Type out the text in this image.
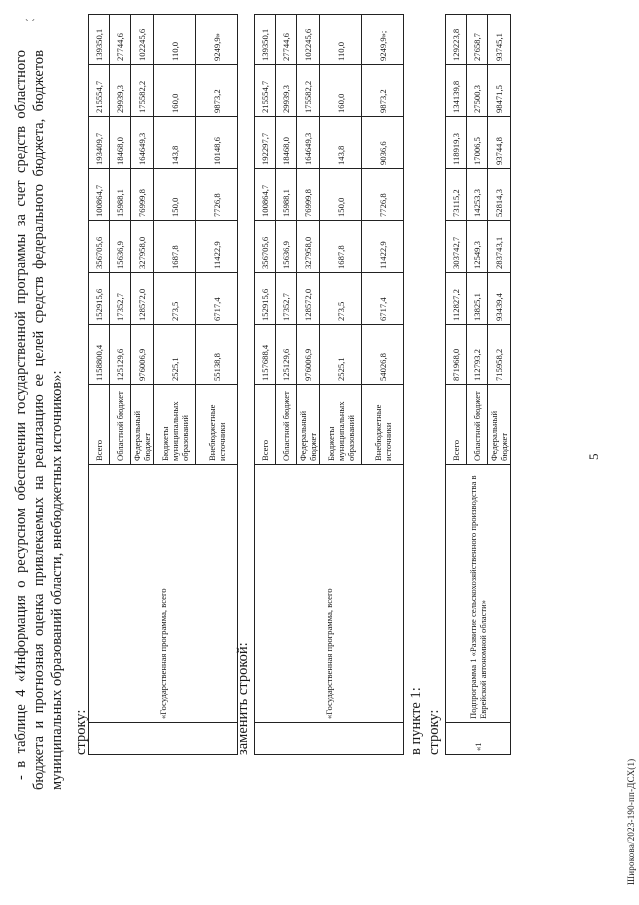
` ´
5
- в таблице 4 «Информация о ресурсном обеспечении государственной программы за счет средств областного бюджета и прогнозная оценка привлекаемых на реализацию ее целей средств федерального бюджета, бюджетов муниципальных образований области, внебюджетных источников»: строку:
	«Государственная программа, всего	Всего	1158800,4	152915,6	356705,6	100864,7	193409,7	215554,7	139350,1
		Областной бюджет	125129,6	17352,7	15636,9	15988,1	18468,0	29939,3	27744,6
		Федеральный бюджет	976006,9	128572,0	327958,0	76999,8	164649,3	175582,2	102245,6
		Бюджеты муниципальных образований	2525,1	273,5	1687,8	150,0	143,8	160,0	110,0
		Внебюджетные источники	55138,8	6717,4	11422,9	7726,8	10148,6	9873,2	9249,9»
заменить строкой:
		«Государственная программа, всего	Всего	1157688,4	152915,6	356705,6	100864,7	192297,7	215554,7	139350,1
		Областной бюджет	125129,6	17352,7	15636,9	15988,1	18468,0	29939,3	27744,6
		Федеральный бюджет	976006,9	128572,0	327958,0	76999,8	164649,3	175582,2	102245,6
		Бюджеты муниципальных образований	2525,1	273,5	1687,8	150,0	143,8	160,0	110,0
		Внебюджетные источники	54026,8	6717,4	11422,9	7726,8	9036,6	9873,2	9249,9»;
в пункте 1: строку:	«1	Подпрограмма 1 «Развитие сельскохозяйственного производства в Еврейской автономной области»	Всего	871968,0	112827,2	303742,7	73115,2	118919,3	134139,8	129223,8
		Областной бюджет	112793,2	13825,1	12549,3	14253,3	17006,5	27500,3	27658,7
		Федеральный бюджет	715958,2	93439,4	283743,1	52814,3	93744,8	98471,5	93745,1
Широкова/2023-190-пп-ДСХ(1)
